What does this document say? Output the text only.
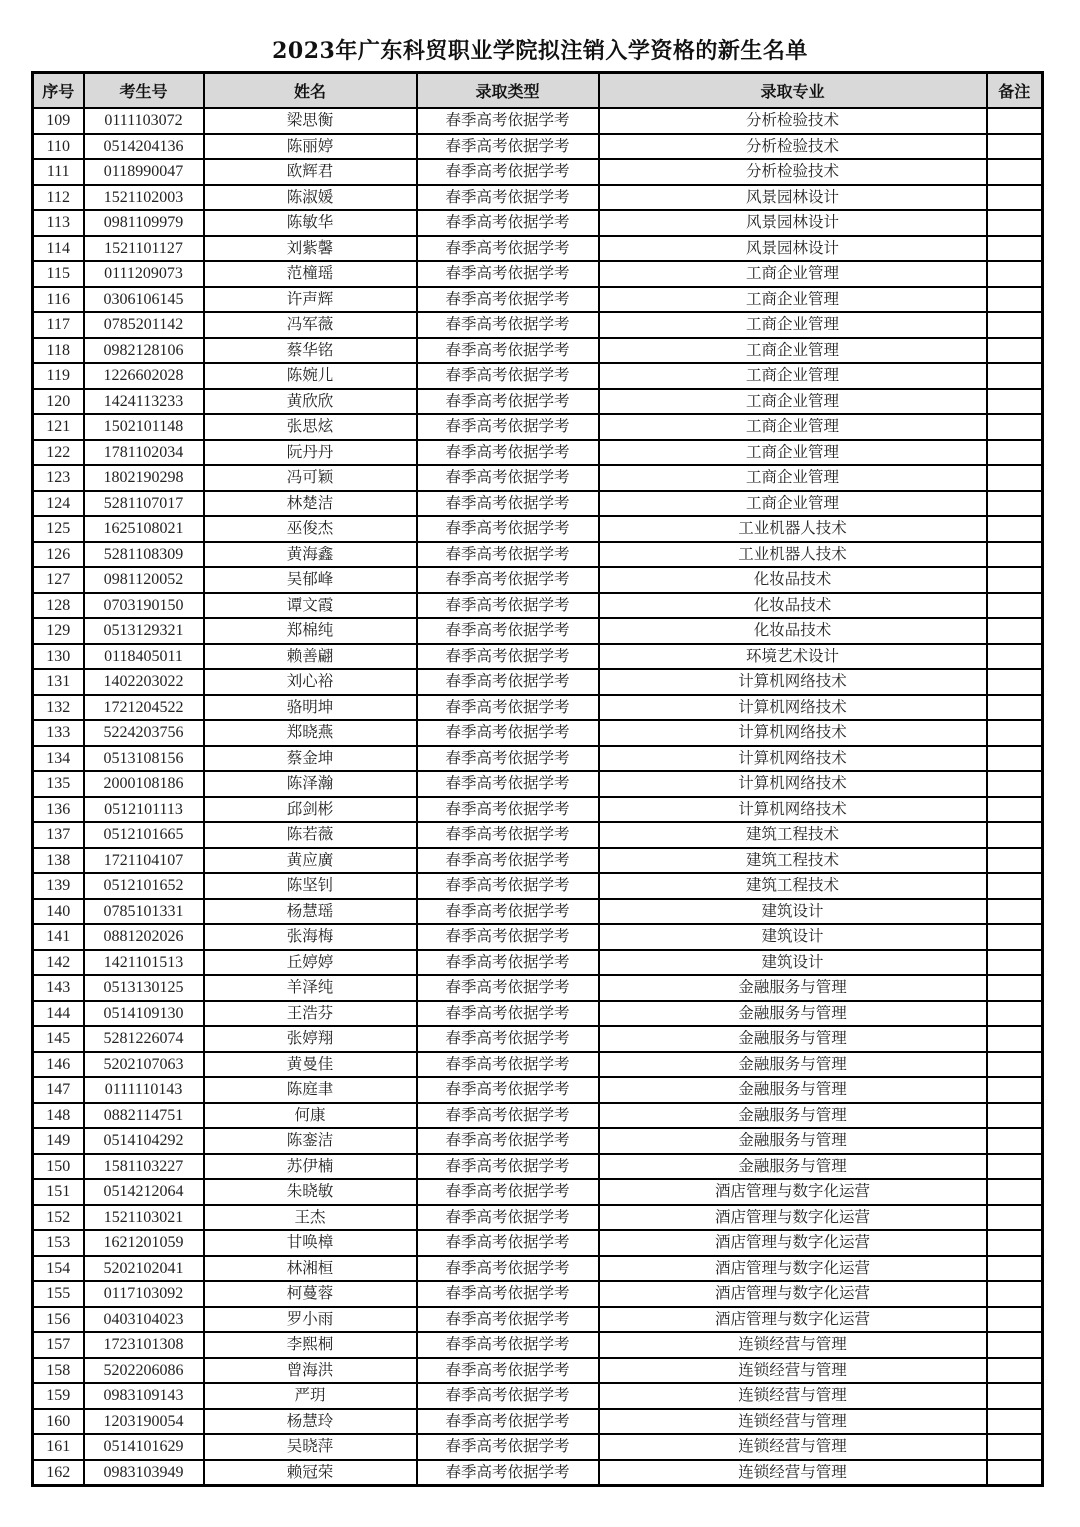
2023年广东科贸职业学院拟注销入学资格的新生名单
序号	考生号	姓名	录取类型	录取专业	备注
109	0111103072	梁思衡	春季高考依据学考	分析检验技术	
110	0514204136	陈丽婷	春季高考依据学考	分析检验技术	
111	0118990047	欧辉君	春季高考依据学考	分析检验技术	
112	1521102003	陈淑媛	春季高考依据学考	风景园林设计	
113	0981109979	陈敏华	春季高考依据学考	风景园林设计	
114	1521101127	刘紫馨	春季高考依据学考	风景园林设计	
115	0111209073	范橦瑶	春季高考依据学考	工商企业管理	
116	0306106145	许声辉	春季高考依据学考	工商企业管理	
117	0785201142	冯军薇	春季高考依据学考	工商企业管理	
118	0982128106	蔡华铭	春季高考依据学考	工商企业管理	
119	1226602028	陈婉儿	春季高考依据学考	工商企业管理	
120	1424113233	黄欣欣	春季高考依据学考	工商企业管理	
121	1502101148	张思炫	春季高考依据学考	工商企业管理	
122	1781102034	阮丹丹	春季高考依据学考	工商企业管理	
123	1802190298	冯可颖	春季高考依据学考	工商企业管理	
124	5281107017	林楚洁	春季高考依据学考	工商企业管理	
125	1625108021	巫俊杰	春季高考依据学考	工业机器人技术	
126	5281108309	黄海鑫	春季高考依据学考	工业机器人技术	
127	0981120052	吴郁峰	春季高考依据学考	化妆品技术	
128	0703190150	谭文霞	春季高考依据学考	化妆品技术	
129	0513129321	郑棉纯	春季高考依据学考	化妆品技术	
130	0118405011	赖善翩	春季高考依据学考	环境艺术设计	
131	1402203022	刘心裕	春季高考依据学考	计算机网络技术	
132	1721204522	骆明坤	春季高考依据学考	计算机网络技术	
133	5224203756	郑晓燕	春季高考依据学考	计算机网络技术	
134	0513108156	蔡金坤	春季高考依据学考	计算机网络技术	
135	2000108186	陈泽瀚	春季高考依据学考	计算机网络技术	
136	0512101113	邱剑彬	春季高考依据学考	计算机网络技术	
137	0512101665	陈若薇	春季高考依据学考	建筑工程技术	
138	1721104107	黄应廣	春季高考依据学考	建筑工程技术	
139	0512101652	陈坚钊	春季高考依据学考	建筑工程技术	
140	0785101331	杨慧瑶	春季高考依据学考	建筑设计	
141	0881202026	张海梅	春季高考依据学考	建筑设计	
142	1421101513	丘婷婷	春季高考依据学考	建筑设计	
143	0513130125	羊泽纯	春季高考依据学考	金融服务与管理	
144	0514109130	王浩芬	春季高考依据学考	金融服务与管理	
145	5281226074	张婷翔	春季高考依据学考	金融服务与管理	
146	5202107063	黄曼佳	春季高考依据学考	金融服务与管理	
147	0111110143	陈庭聿	春季高考依据学考	金融服务与管理	
148	0882114751	何康	春季高考依据学考	金融服务与管理	
149	0514104292	陈銮洁	春季高考依据学考	金融服务与管理	
150	1581103227	苏伊楠	春季高考依据学考	金融服务与管理	
151	0514212064	朱晓敏	春季高考依据学考	酒店管理与数字化运营	
152	1521103021	王杰	春季高考依据学考	酒店管理与数字化运营	
153	1621201059	甘唤樟	春季高考依据学考	酒店管理与数字化运营	
154	5202102041	林湘桓	春季高考依据学考	酒店管理与数字化运营	
155	0117103092	柯蔓蓉	春季高考依据学考	酒店管理与数字化运营	
156	0403104023	罗小雨	春季高考依据学考	酒店管理与数字化运营	
157	1723101308	李熙桐	春季高考依据学考	连锁经营与管理	
158	5202206086	曾海洪	春季高考依据学考	连锁经营与管理	
159	0983109143	严玥	春季高考依据学考	连锁经营与管理	
160	1203190054	杨慧玲	春季高考依据学考	连锁经营与管理	
161	0514101629	吴晓萍	春季高考依据学考	连锁经营与管理	
162	0983103949	赖冠荣	春季高考依据学考	连锁经营与管理	
